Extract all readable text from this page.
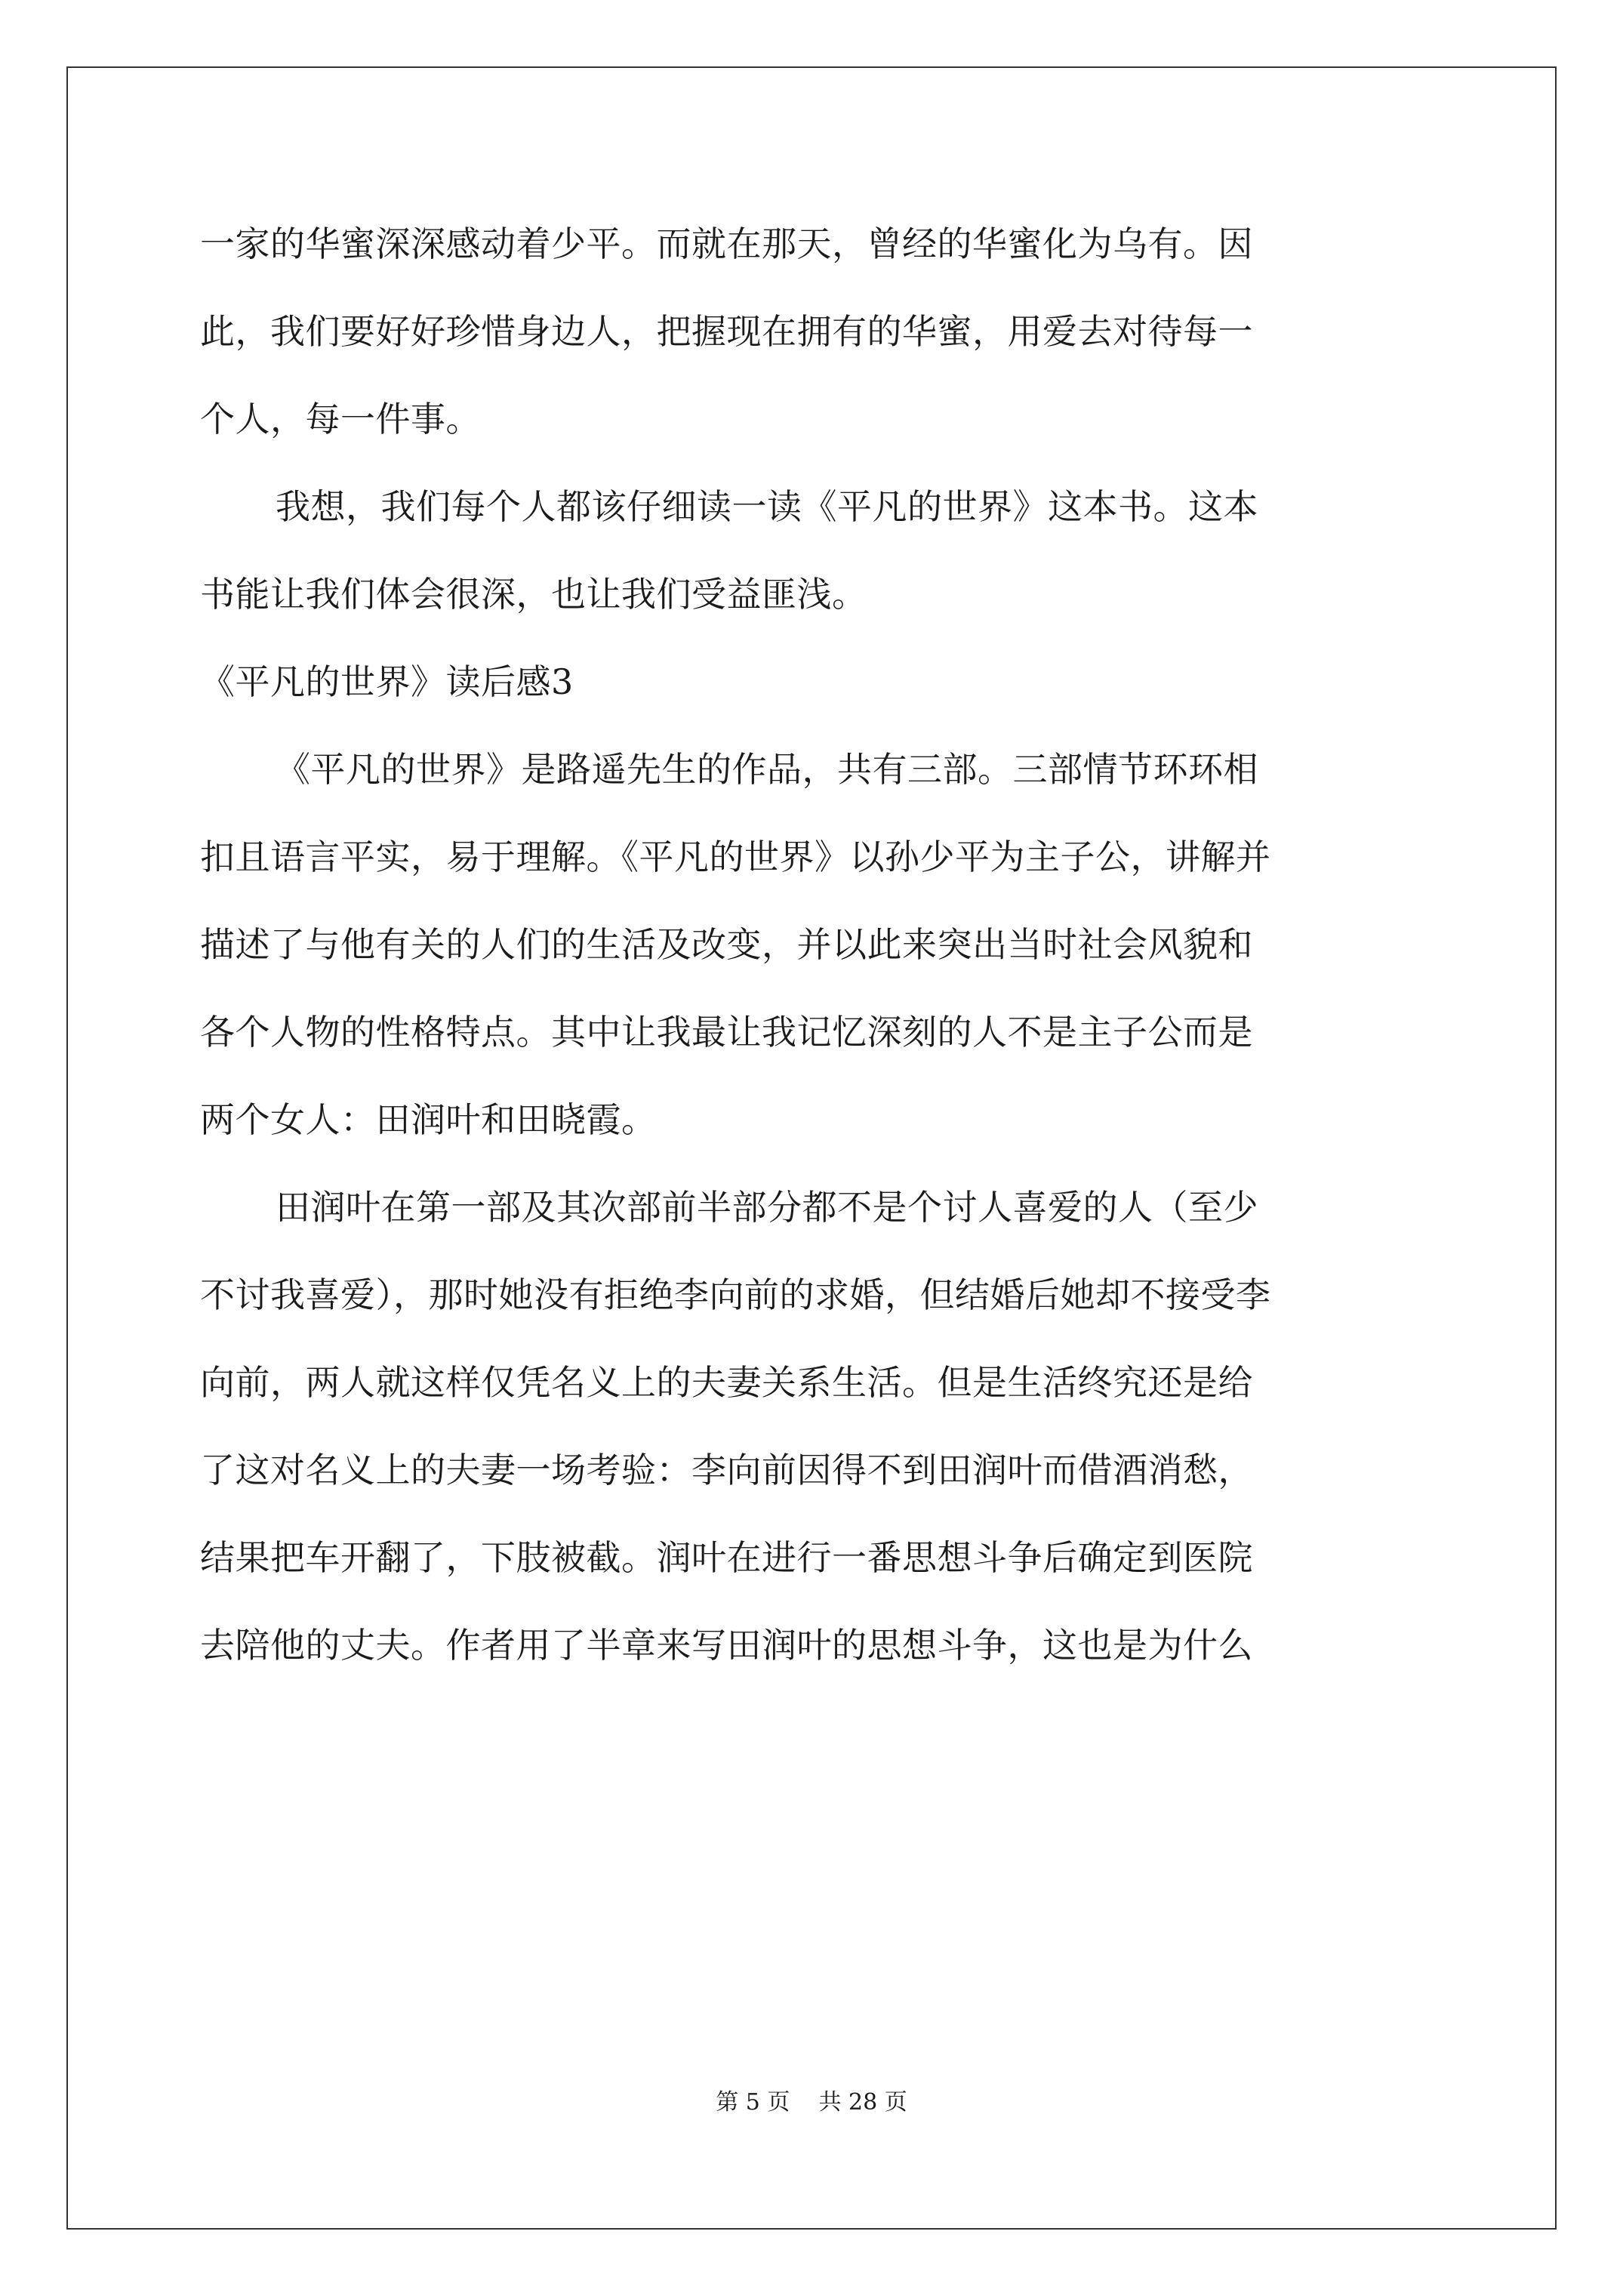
一家的华蜜深深感动着少平。而就在那天，曾经的华蜜化为乌有。因
此，我们要好好珍惜身边人，把握现在拥有的华蜜，用爱去对待每一
个人，每一件事。
我想，我们每个人都该仔细读一读《平凡的世界》这本书。这本
书能让我们体会很深，也让我们受益匪浅。
《平凡的世界》读后感3
《平凡的世界》是路遥先生的作品，共有三部。三部情节环环相
扣且语言平实，易于理解。《平凡的世界》以孙少平为主子公，讲解并
描述了与他有关的人们的生活及改变，并以此来突出当时社会风貌和
各个人物的性格特点。其中让我最让我记忆深刻的人不是主子公而是
两个女人：田润叶和田晓霞。
田润叶在第一部及其次部前半部分都不是个讨人喜爱的人（至少
不讨我喜爱），那时她没有拒绝李向前的求婚，但结婚后她却不接受李
向前，两人就这样仅凭名义上的夫妻关系生活。但是生活终究还是给
了这对名义上的夫妻一场考验：李向前因得不到田润叶而借酒消愁，
结果把车开翻了，下肢被截。润叶在进行一番思想斗争后确定到医院
去陪他的丈夫。作者用了半章来写田润叶的思想斗争，这也是为什么
第 5 页    共 28 页
